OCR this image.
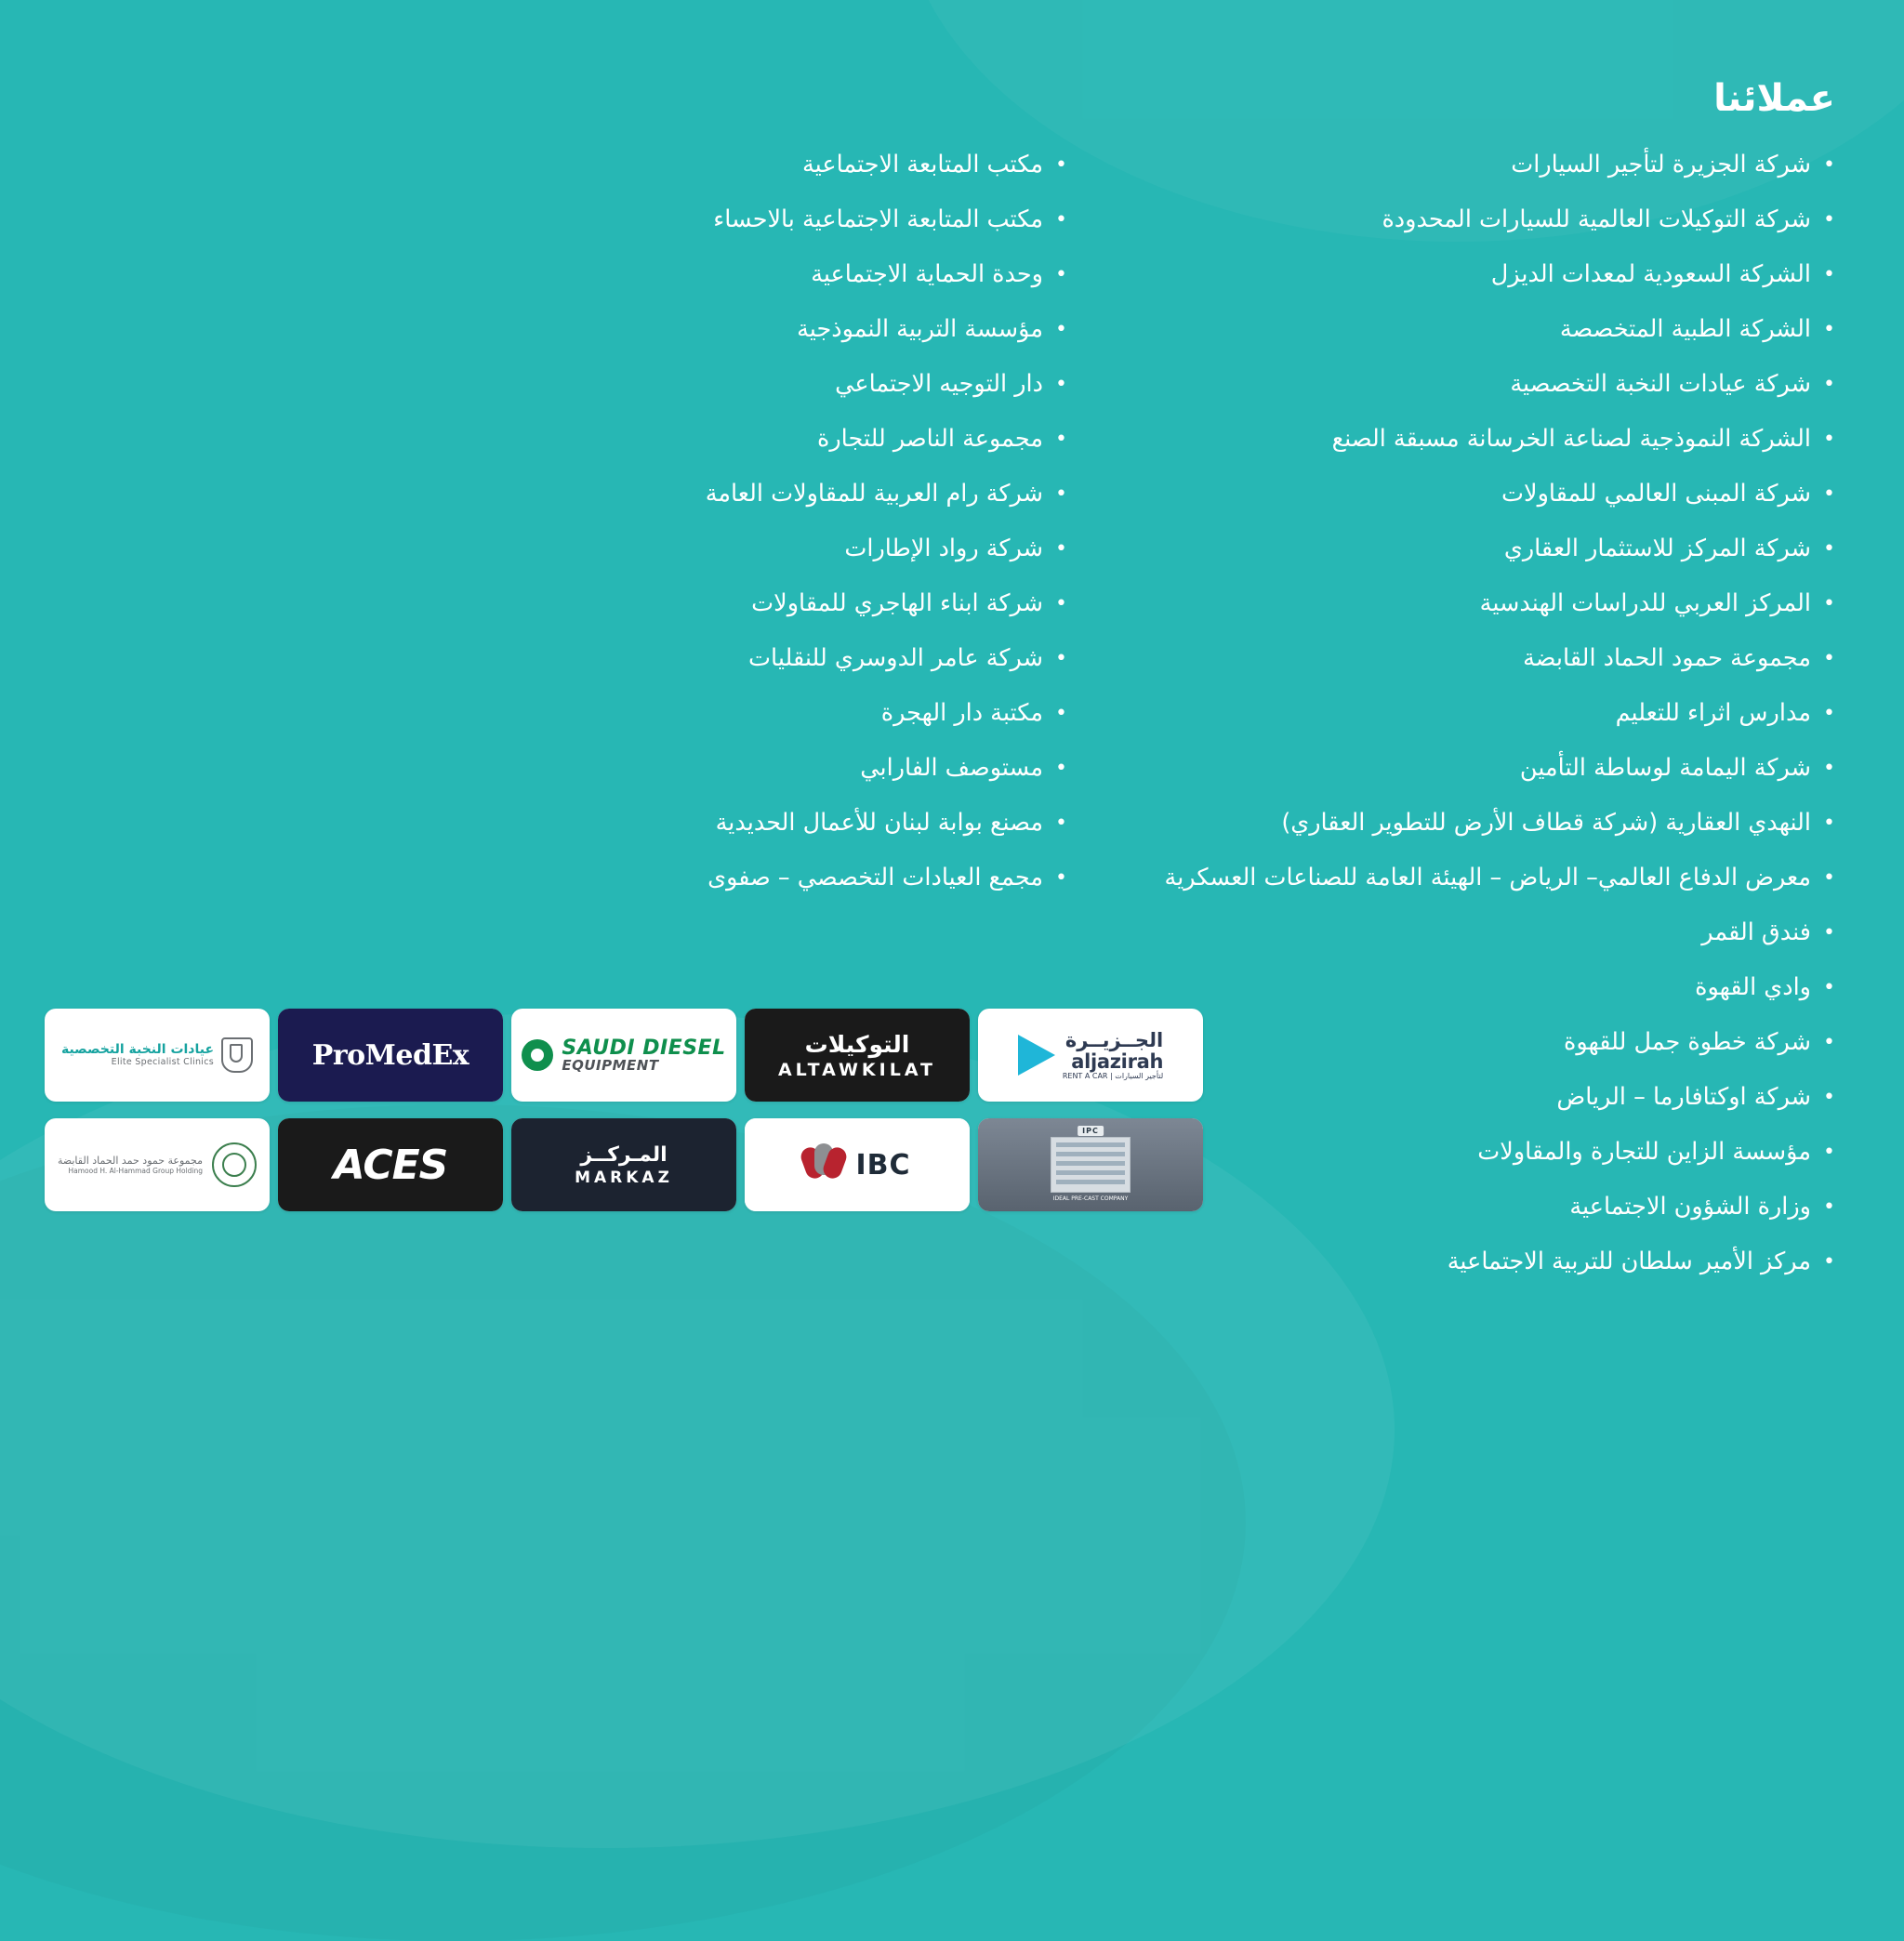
عملائنا
• شركة الجزيرة لتأجير السيارات
• شركة التوكيلات العالمية للسيارات المحدودة
• الشركة السعودية لمعدات الديزل
• الشركة الطبية المتخصصة
• شركة عيادات النخبة التخصصية
• الشركة النموذجية لصناعة الخرسانة مسبقة الصنع
• شركة المبنى العالمي للمقاولات
• شركة المركز للاستثمار العقاري
• المركز العربي للدراسات الهندسية
• مجموعة حمود الحماد القابضة
• مدارس اثراء للتعليم
• شركة اليمامة لوساطة التأمين
• النهدي العقارية (شركة قطاف الأرض للتطوير العقاري)
• معرض الدفاع العالمي– الرياض – الهيئة العامة للصناعات العسكرية
• فندق القمر
• وادي القهوة
• شركة خطوة جمل للقهوة
• شركة اوكتافارما – الرياض
• مؤسسة الزاين للتجارة والمقاولات
• وزارة الشؤون الاجتماعية
• مركز الأمير سلطان للتربية الاجتماعية
• مكتب المتابعة الاجتماعية
• مكتب المتابعة الاجتماعية بالاحساء
• وحدة الحماية الاجتماعية
• مؤسسة التربية النموذجية
• دار التوجيه الاجتماعي
• مجموعة الناصر للتجارة
• شركة رام العربية للمقاولات العامة
• شركة رواد الإطارات
• شركة ابناء الهاجري للمقاولات
• شركة عامر الدوسري للنقليات
• مكتبة دار الهجرة
• مستوصف الفارابي
• مصنع بوابة لبنان للأعمال الحديدية
• مجمع العيادات التخصصي – صفوى
عيادات النخبة التخصصية
Elite Specialist Clinics	ProMedEx	SAUDI DIESEL
EQUIPMENT
التوكيلات
ALTAWKILAT
الجــزيــرة
aljazirah
RENT A CAR | لتأجير السيارات
مجموعة حمود حمد الحماد القابضة
Hamood H. Al-Hammad Group Holding	ACES	المـركــز
MARKAZ	IBC
IPC
IDEAL PRE-CAST COMPANY
